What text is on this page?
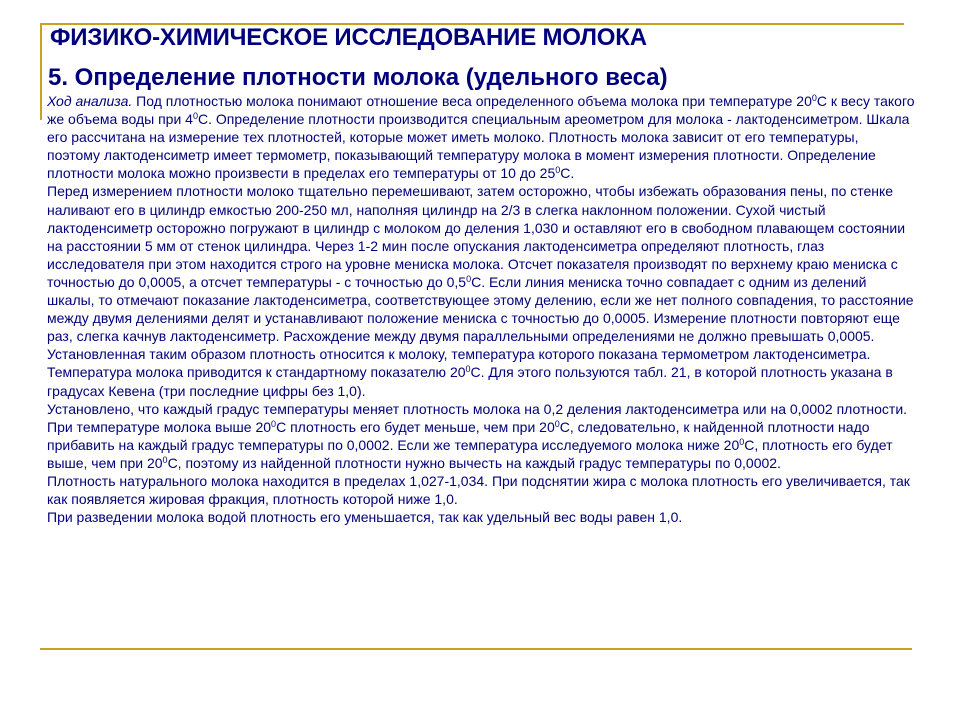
ФИЗИКО-ХИМИЧЕСКОЕ ИССЛЕДОВАНИЕ МОЛОКА
5. Определение плотности молока (удельного веса)

Ход анализа. Под плотностью молока понимают отношение веса определенного объема молока при температуре $20^0С$ к весу такого же объема воды при $4^0С$. Определение плотности производится специальным ареометром для молока - лактоденсиметром. Шкала его рассчитана на измерение тех плотностей, которые может иметь молоко. Плотность молока зависит от его температуры, поэтому лактоденсиметр имеет термометр, показывающий температуру молока в момент измерения плотности. Определение плотности молока можно произвести в пределах его температуры от 10 до $25^0С$.

Перед измерением плотности молоко тщательно перемешивают, затем осторожно, чтобы избежать образования пены, по стенке наливают его в цилиндр емкостью 200-250 мл, наполняя цилиндр на 2/3 в слегка наклонном положении. Сухой чистый лактоденсиметр осторожно погружают в цилиндр с молоком до деления 1,030 и оставляют его в свободном плавающем состоянии на расстоянии 5 мм от стенок цилиндра. Через 1-2 мин после опускания лактоденсиметра определяют плотность, глаз исследователя при этом находится строго на уровне мениска молока. Отсчет показателя производят по верхнему краю мениска с точностью до 0,0005, а отсчет температуры - с точностью до $0,5^0С$. Если линия мениска точно совпадает с одним из делений шкалы, то отмечают показание лактоденсиметра, соответствующее этому делению, если же нет полного совпадения, то расстояние между двумя делениями делят и устанавливают положение мениска с точностью до 0,0005. Измерение плотности повторяют еще раз, слегка качнув лактоденсиметр. Расхождение между двумя параллельными определениями не должно превышать 0,0005.

Установленная таким образом плотность относится к молоку, температура которого показана термометром лактоденсиметра. Температура молока приводится к стандартному показателю $20^0С$. Для этого пользуются табл. 21, в которой плотность указана в градусах Кевена (три последние цифры без 1,0).

Установлено, что каждый градус температуры меняет плотность молока на 0,2 деления лактоденсиметра или на 0,0002 плотности. При температуре молока выше $20^0С$ плотность его будет меньше, чем при $20^0С$, следовательно, к найденной плотности надо прибавить на каждый градус температуры по 0,0002. Если же температура исследуемого молока ниже $20^0С$, плотность его будет выше, чем при $20^0С$, поэтому из найденной плотности нужно вычесть на каждый градус температуры по 0,0002.

Плотность натурального молока находится в пределах 1,027-1,034. При подснятии жира с молока плотность его увеличивается, так как появляется жировая фракция, плотность которой ниже 1,0.

При разведении молока водой плотность его уменьшается, так как удельный вес воды равен 1,0.
